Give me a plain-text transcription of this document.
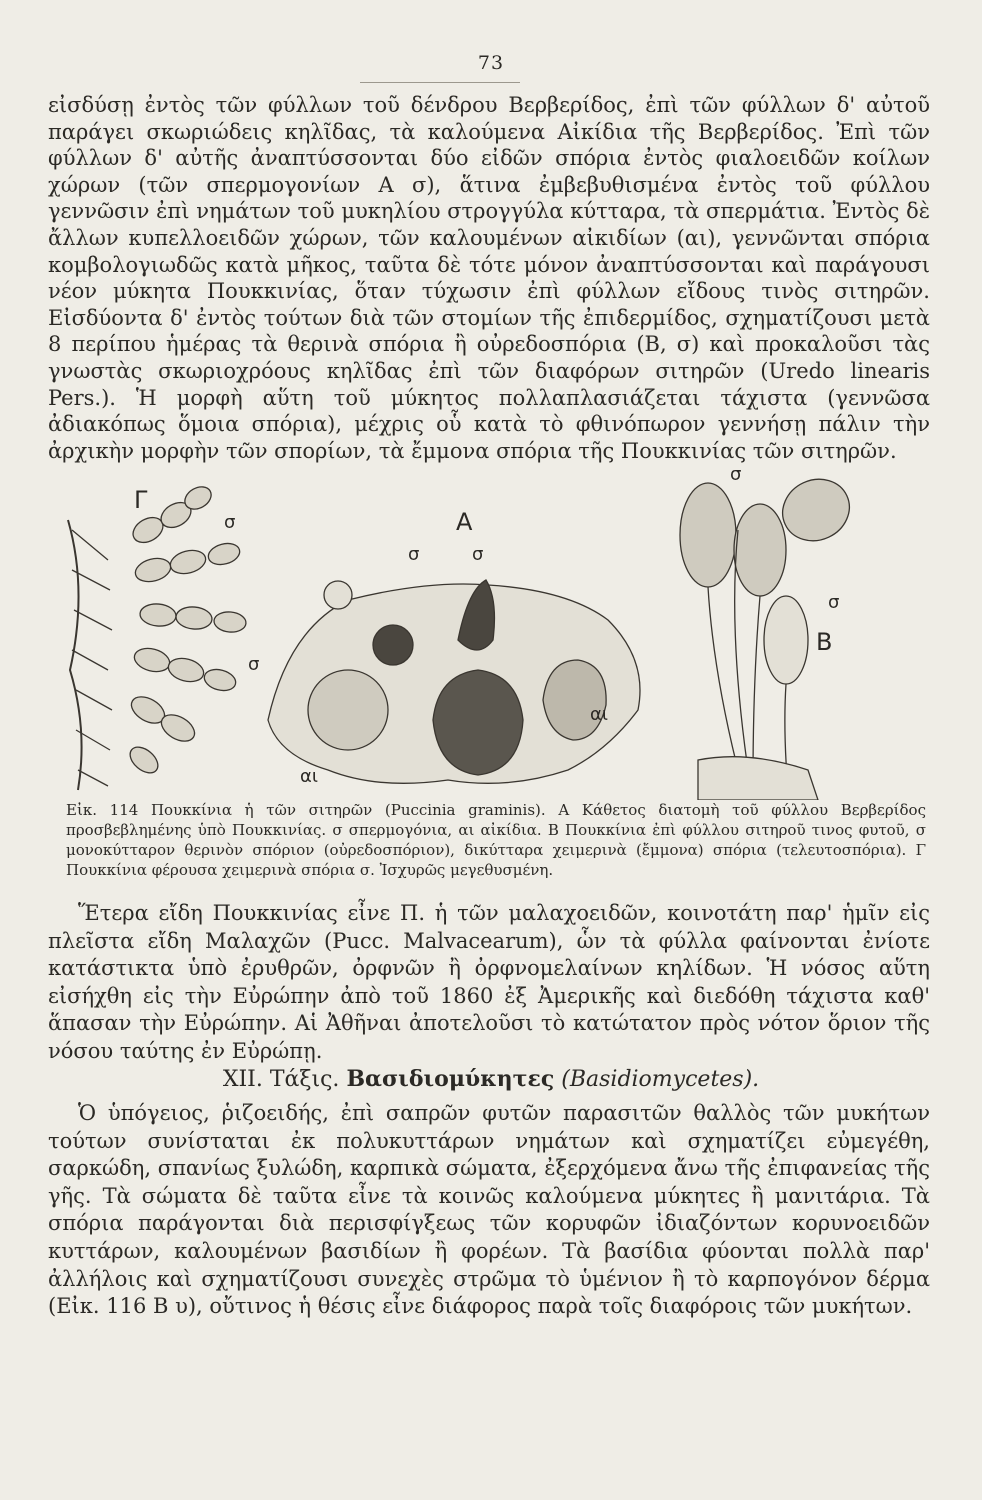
73

εἰσδύσῃ ἐντὸς τῶν φύλλων τοῦ δένδρου Βερβερίδος, ἐπὶ τῶν φύλλων δ' αὐτοῦ παράγει σκωριώδεις κηλῖδας, τὰ καλούμενα Αἰκίδια τῆς Βερβερίδος. Ἐπὶ τῶν φύλλων δ' αὐτῆς ἀναπτύσσονται δύο εἰδῶν σπόρια ἐντὸς φιαλοειδῶν κοίλων χώρων (τῶν σπερμογονίων Α σ), ἅτινα ἐμβεβυθισμένα ἐντὸς τοῦ φύλλου γεννῶσιν ἐπὶ νημάτων τοῦ μυκηλίου στρογγύλα κύτταρα, τὰ σπερμάτια. Ἐντὸς δὲ ἄλλων κυπελλοειδῶν χώρων, τῶν καλουμένων αἰκιδίων (αι), γεννῶνται σπόρια κομβολογιωδῶς κατὰ μῆκος, ταῦτα δὲ τότε μόνον ἀναπτύσσονται καὶ παράγουσι νέον μύκητα Πουκκινίας, ὅταν τύχωσιν ἐπὶ φύλλων εἴδους τινὸς σιτηρῶν. Εἰσδύοντα δ' ἐντὸς τούτων διὰ τῶν στομίων τῆς ἐπιδερμίδος, σχηματίζουσι μετὰ 8 περίπου ἡμέρας τὰ θερινὰ σπόρια ἢ οὐρεδοσπόρια (Β, σ) καὶ προκαλοῦσι τὰς γνωστὰς σκωριοχρόους κηλῖδας ἐπὶ τῶν διαφόρων σιτηρῶν (Uredo linearis Pers.). Ἡ μορφὴ αὕτη τοῦ μύκητος πολλαπλασιάζεται τάχιστα (γεννῶσα ἀδιακόπως ὅμοια σπόρια), μέχρις οὗ κατὰ τὸ φθινόπωρον γεννήσῃ πάλιν τὴν ἀρχικὴν μορφὴν τῶν σπορίων, τὰ ἔμμονα σπόρια τῆς Πουκκινίας τῶν σιτηρῶν.

Γ
σ
σ
Α
σ	σ
αι
αι
σ
σ
Β
Εἰκ. 114 Πουκκίνια ἡ τῶν σιτηρῶν (Puccinia graminis). Α Κάθετος διατομὴ τοῦ φύλλου Βερβερίδος προσβεβλημένης ὑπὸ Πουκκινίας. σ σπερμογόνια, αι αἰκίδια. Β Πουκκίνια ἐπὶ φύλλου σιτηροῦ τινος φυτοῦ, σ μονοκύτταρον θερινὸν σπόριον (οὐρεδοσπόριον), δικύτταρα χειμερινὰ (ἔμμονα) σπόρια (τελευτοσπόρια). Γ Πουκκίνια φέρουσα χειμερινὰ σπόρια σ. Ἰσχυρῶς μεγεθυσμένη.

Ἕτερα εἴδη Πουκκινίας εἶνε Π. ἡ τῶν μαλαχοειδῶν, κοινοτάτη παρ' ἡμῖν εἰς πλεῖστα εἴδη Μαλαχῶν (Pucc. Malvacearum), ὧν τὰ φύλλα φαίνονται ἐνίοτε κατάστικτα ὑπὸ ἐρυθρῶν, ὀρφνῶν ἢ ὀρφνομελαίνων κηλίδων. Ἡ νόσος αὕτη εἰσήχθη εἰς τὴν Εὐρώπην ἀπὸ τοῦ 1860 ἐξ Ἀμερικῆς καὶ διεδόθη τάχιστα καθ' ἅπασαν τὴν Εὐρώπην. Αἱ Ἀθῆναι ἀποτελοῦσι τὸ κατώτατον πρὸς νότον ὅριον τῆς νόσου ταύτης ἐν Εὐρώπῃ.

XII. Τάξις. Βασιδιομύκητες (Basidiomycetes).

Ὁ ὑπόγειος, ῥιζοειδής, ἐπὶ σαπρῶν φυτῶν παρασιτῶν θαλλὸς τῶν μυκήτων τούτων συνίσταται ἐκ πολυκυττάρων νημάτων καὶ σχηματίζει εὐμεγέθη, σαρκώδη, σπανίως ξυλώδη, καρπικὰ σώματα, ἐξερχόμενα ἄνω τῆς ἐπιφανείας τῆς γῆς. Τὰ σώματα δὲ ταῦτα εἶνε τὰ κοινῶς καλούμενα μύκητες ἢ μανιτάρια. Τὰ σπόρια παράγονται διὰ περισφίγξεως τῶν κορυφῶν ἰδιαζόντων κορυνοειδῶν κυττάρων, καλουμένων βασιδίων ἢ φορέων. Τὰ βασίδια φύονται πολλὰ παρ' ἀλλήλοις καὶ σχηματίζουσι συνεχὲς στρῶμα τὸ ὑμένιον ἢ τὸ καρπογόνον δέρμα (Εἰκ. 116 Β υ), οὔτινος ἡ θέσις εἶνε διάφορος παρὰ τοῖς διαφόροις τῶν μυκήτων.
